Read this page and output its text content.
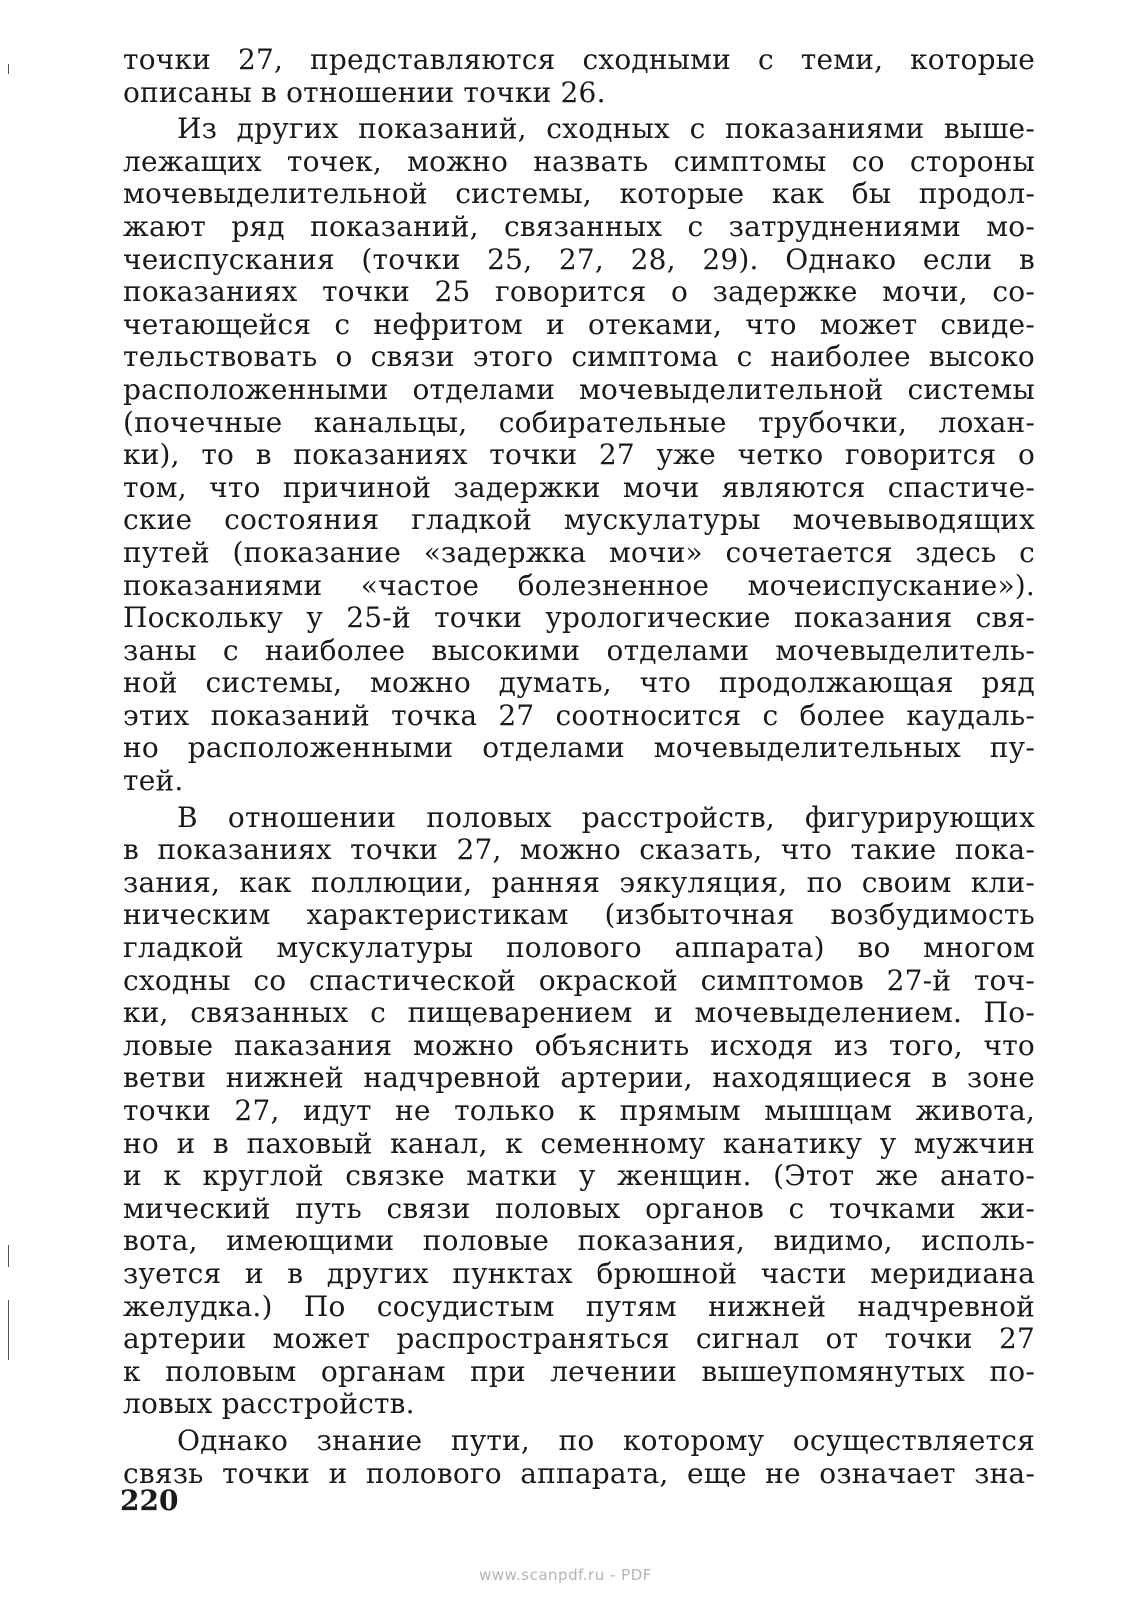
точки 27, представляются сходными с теми, которые
описаны в отношении точки 26.
Из других показаний, сходных с показаниями выше-
лежащих точек, можно назвать симптомы со стороны
мочевыделительной системы, которые как бы продол-
жают ряд показаний, связанных с затруднениями мо-
чеиспускания (точки 25, 27, 28, 29). Однако если в
показаниях точки 25 говорится о задержке мочи, со-
четающейся с нефритом и отеками, что может свиде-
тельствовать о связи этого симптома с наиболее высоко
расположенными отделами мочевыделительной системы
(почечные канальцы, собирательные трубочки, лохан-
ки), то в показаниях точки 27 уже четко говорится о
том, что причиной задержки мочи являются спастиче-
ские состояния гладкой мускулатуры мочевыводящих
путей (показание «задержка мочи» сочетается здесь с
показаниями «частое болезненное мочеиспускание»).
Поскольку у 25-й точки урологические показания свя-
заны с наиболее высокими отделами мочевыделитель-
ной системы, можно думать, что продолжающая ряд
этих показаний точка 27 соотносится с более каудаль-
но расположенными отделами мочевыделительных пу-
тей.
В отношении половых расстройств, фигурирующих
в показаниях точки 27, можно сказать, что такие пока-
зания, как поллюции, ранняя эякуляция, по своим кли-
ническим характеристикам (избыточная возбудимость
гладкой мускулатуры полового аппарата) во многом
сходны со спастической окраской симптомов 27-й точ-
ки, связанных с пищеварением и мочевыделением. По-
ловые паказания можно объяснить исходя из того, что
ветви нижней надчревной артерии, находящиеся в зоне
точки 27, идут не только к прямым мышцам живота,
но и в паховый канал, к семенному канатику у мужчин
и к круглой связке матки у женщин. (Этот же анато-
мический путь связи половых органов с точками жи-
вота, имеющими половые показания, видимо, исполь-
зуется и в других пунктах брюшной части меридиана
желудка.) По сосудистым путям нижней надчревной
артерии может распространяться сигнал от точки 27
к половым органам при лечении вышеупомянутых по-
ловых расстройств.
Однако знание пути, по которому осуществляется
связь точки и полового аппарата, еще не означает зна-
220
www.scanpdf.ru - PDF
